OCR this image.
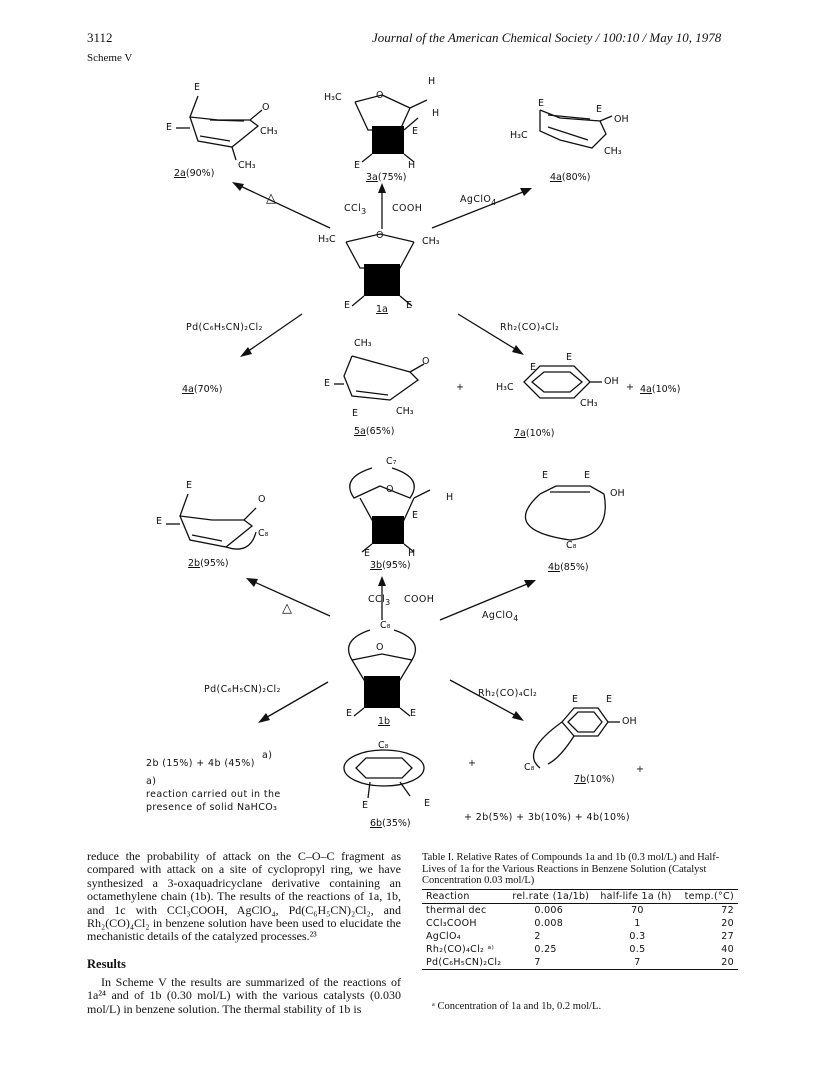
3112	Journal of the American Chemical Society / 100:10 / May 10, 1978
Scheme V
E
O
E	CH₃
CH₃
2a(90%)
H
H₃C	O
H
E
E	H
3a(75%)
E
E
OH
H₃C
CH₃
4a(80%)
△
CCl$_3$	COOH
AgClO$_4$
H₃C	O
CH₃
E	1a E
Pd(C₆H₅CN)₂Cl₂	Rh₂(CO)₄Cl₂
CH₃
O
E
E	CH₃
5a(65%)
4a(70%)	+
E
E
H₃C
OH
CH₃
+ 4a(10%)
7a(10%)
C₇
E
O
E
C₈
2b(95%)
O
H
E
E	H
3b(95%)
E	E
OH
C₈
4b(85%)
CCl$_3$ COOH
△
AgClO$_4$
C₈
O
E	E
1b
Pd(C₆H₅CN)₂Cl₂	Rh₂(CO)₄Cl₂
E	E
OH
C₈
2b (15%) + 4b (45%)
a)
a)
reaction carried out in the
presence of solid NaHCO₃
+	C₈
7b(10%)
+
E	E
6b(35%)
+ 2b(5%) + 3b(10%) + 4b(10%)
reduce the probability of attack on the C–O–C fragment as compared with attack on a site of cyclopropyl ring, we have synthesized a 3-oxaquadricyclane derivative containing an octamethylene chain (1b). The results of the reactions of 1a, 1b, and 1c with CCl₃COOH, AgClO₄, Pd(C₆H₅CN)₂Cl₂, and Rh₂(CO)₄Cl₂ in benzene solution have been used to elucidate the mechanistic details of the catalyzed processes.²³
Results
In Scheme V the results are summarized of the reactions of 1a²⁴ and of 1b (0.30 mol/L) with the various catalysts (0.030 mol/L) in benzene solution. The thermal stability of 1b is
Table I. Relative Rates of Compounds 1a and 1b (0.3 mol/L) and Half-Lives of 1a for the Various Reactions in Benzene Solution (Catalyst Concentration 0.03 mol/L)
Reaction	rel.rate (1a/1b)	half-life 1a (h)	temp.(°C)
thermal dec	0.006	70	72
CCl₃COOH	0.008	1	20
AgClO₄	2	0.3	27
Rh₂(CO)₄Cl₂ ᵃ⁾	0.25	0.5	40
Pd(C₆H₅CN)₂Cl₂	7	7	20
ᵃ Concentration of 1a and 1b, 0.2 mol/L.
